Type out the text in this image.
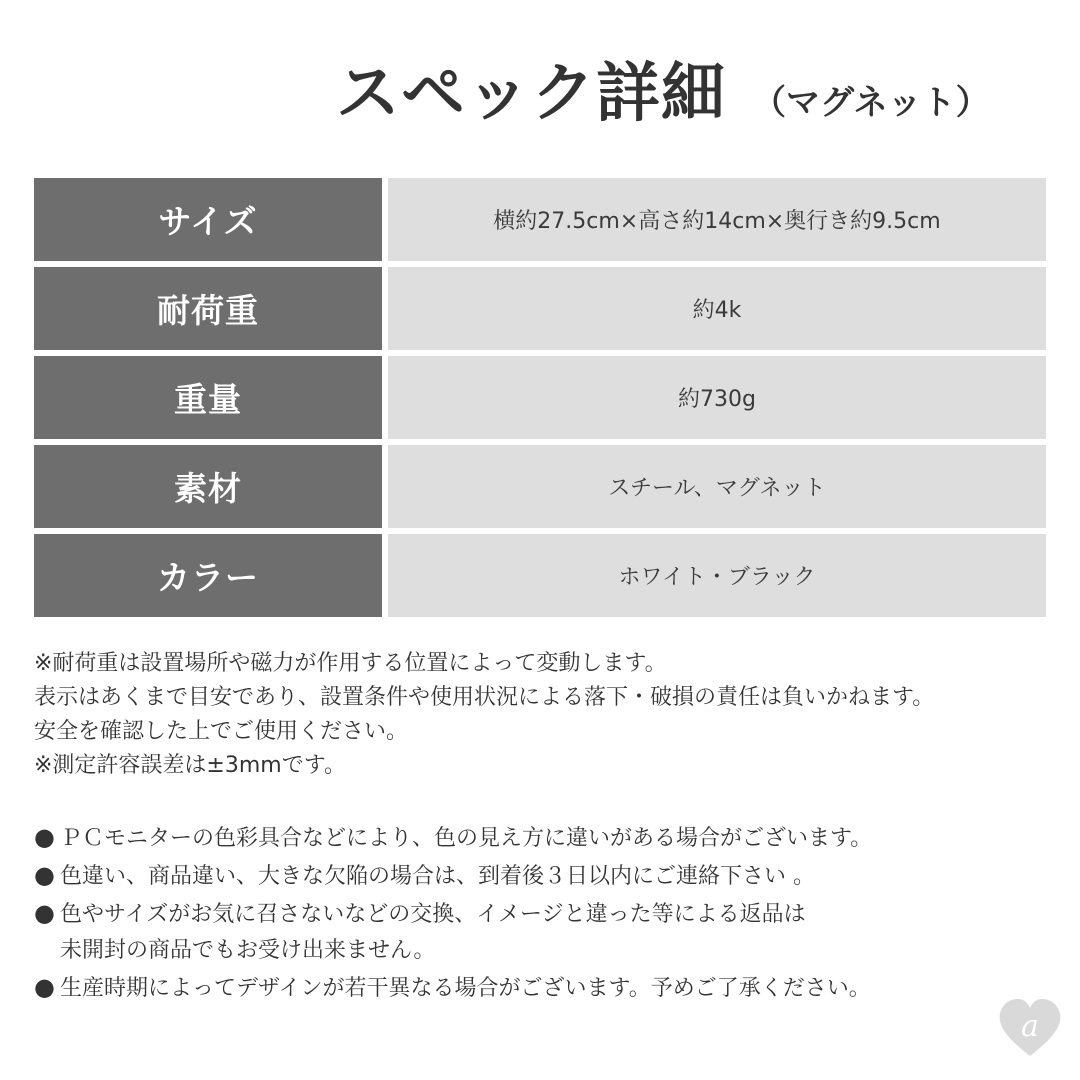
スペック詳細 （マグネット）
サイズ	横約27.5cm×高さ約14cm×奥行き約9.5cm
耐荷重	約4k
重量	約730g
素材	スチール、マグネット
カラー	ホワイト・ブラック
※耐荷重は設置場所や磁力が作用する位置によって変動します。
表示はあくまで目安であり、設置条件や使用状況による落下・破損の責任は負いかねます。
安全を確認した上でご使用ください。
※測定許容誤差は±3mmです。
● ＰＣモニターの色彩具合などにより、色の見え方に違いがある場合がございます。
● 色違い、商品違い、大きな欠陥の場合は、到着後３日以内にご連絡下さい 。
● 色やサイズがお気に召さないなどの交換、イメージと違った等による返品は
未開封の商品でもお受け出来ません。
● 生産時期によってデザインが若干異なる場合がございます。予めご了承ください。
a
